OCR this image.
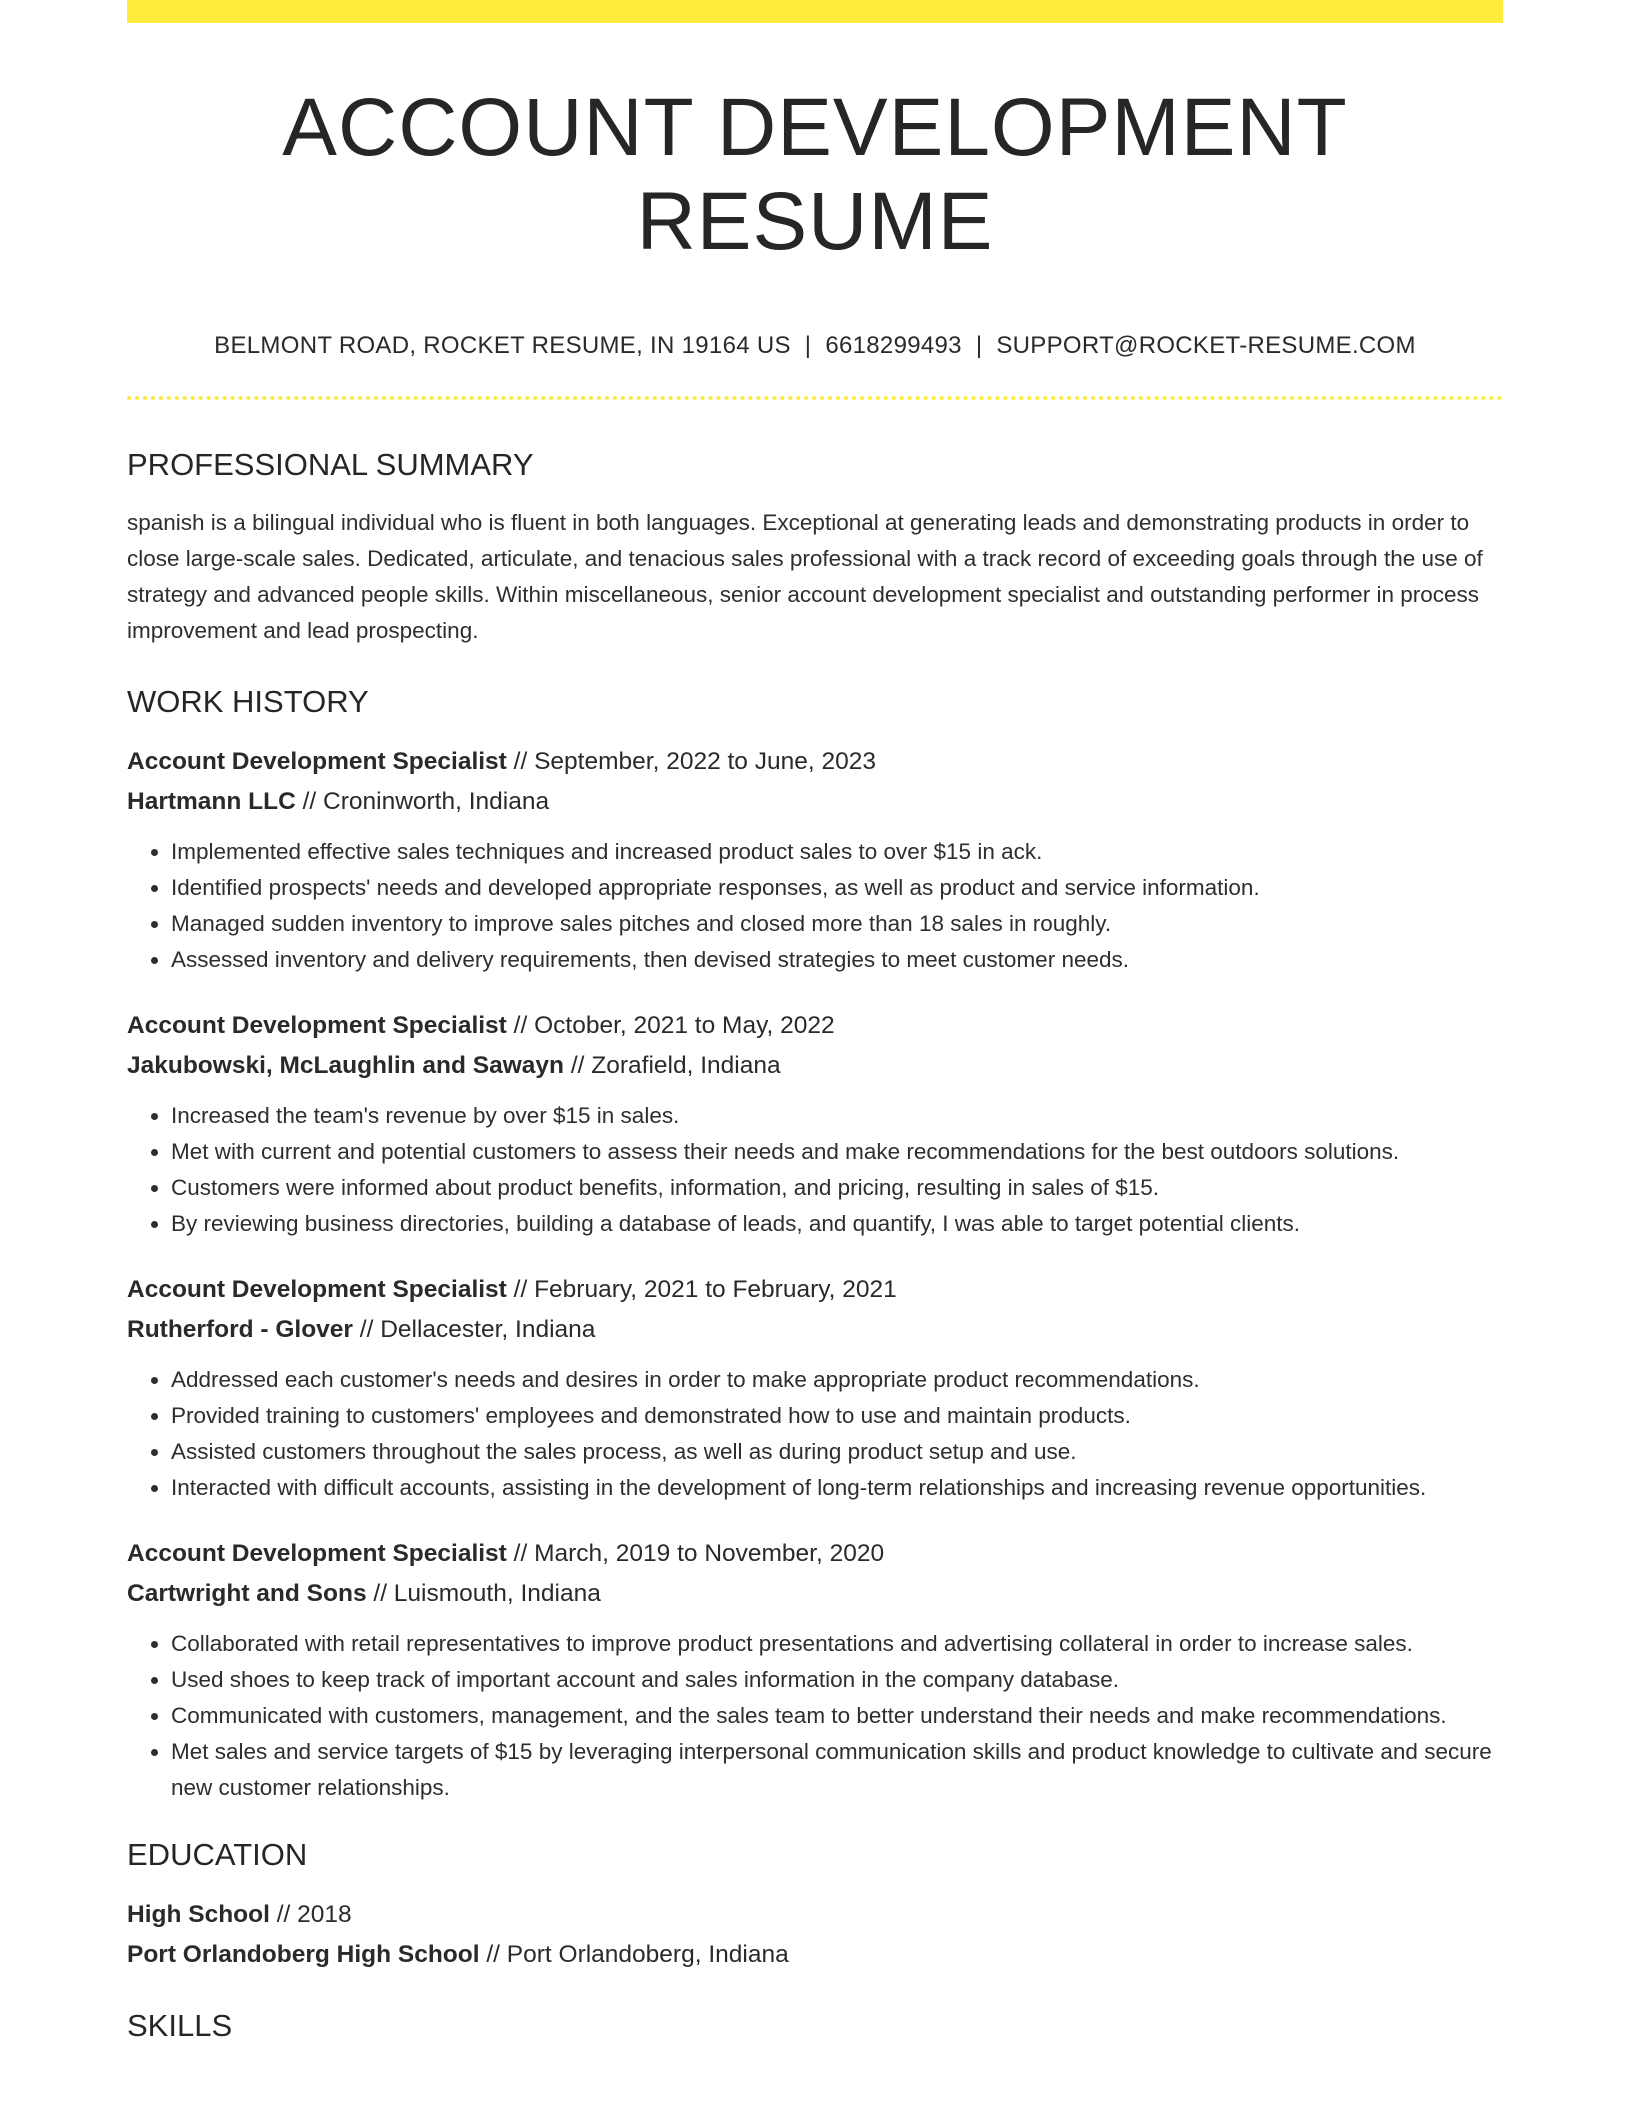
ACCOUNT DEVELOPMENT RESUME
BELMONT ROAD, ROCKET RESUME, IN 19164 US | 6618299493 | SUPPORT@ROCKET-RESUME.COM
PROFESSIONAL SUMMARY

spanish is a bilingual individual who is fluent in both languages. Exceptional at generating leads and demonstrating products in order to close large-scale sales. Dedicated, articulate, and tenacious sales professional with a track record of exceeding goals through the use of strategy and advanced people skills. Within miscellaneous, senior account development specialist and outstanding performer in process improvement and lead prospecting.

WORK HISTORY
Account Development Specialist // September, 2022 to June, 2023
Hartmann LLC // Croninworth, Indiana
• Implemented effective sales techniques and increased product sales to over $15 in ack.
• Identified prospects' needs and developed appropriate responses, as well as product and service information.
• Managed sudden inventory to improve sales pitches and closed more than 18 sales in roughly.
• Assessed inventory and delivery requirements, then devised strategies to meet customer needs.
Account Development Specialist // October, 2021 to May, 2022
Jakubowski, McLaughlin and Sawayn // Zorafield, Indiana
• Increased the team's revenue by over $15 in sales.
• Met with current and potential customers to assess their needs and make recommendations for the best outdoors solutions.
• Customers were informed about product benefits, information, and pricing, resulting in sales of $15.
• By reviewing business directories, building a database of leads, and quantify, I was able to target potential clients.
Account Development Specialist // February, 2021 to February, 2021
Rutherford - Glover // Dellacester, Indiana
• Addressed each customer's needs and desires in order to make appropriate product recommendations.
• Provided training to customers' employees and demonstrated how to use and maintain products.
• Assisted customers throughout the sales process, as well as during product setup and use.
• Interacted with difficult accounts, assisting in the development of long-term relationships and increasing revenue opportunities.
Account Development Specialist // March, 2019 to November, 2020
Cartwright and Sons // Luismouth, Indiana
• Collaborated with retail representatives to improve product presentations and advertising collateral in order to increase sales.
• Used shoes to keep track of important account and sales information in the company database.
• Communicated with customers, management, and the sales team to better understand their needs and make recommendations.
• Met sales and service targets of $15 by leveraging interpersonal communication skills and product knowledge to cultivate and secure new customer relationships.
EDUCATION
High School // 2018
Port Orlandoberg High School // Port Orlandoberg, Indiana
SKILLS
